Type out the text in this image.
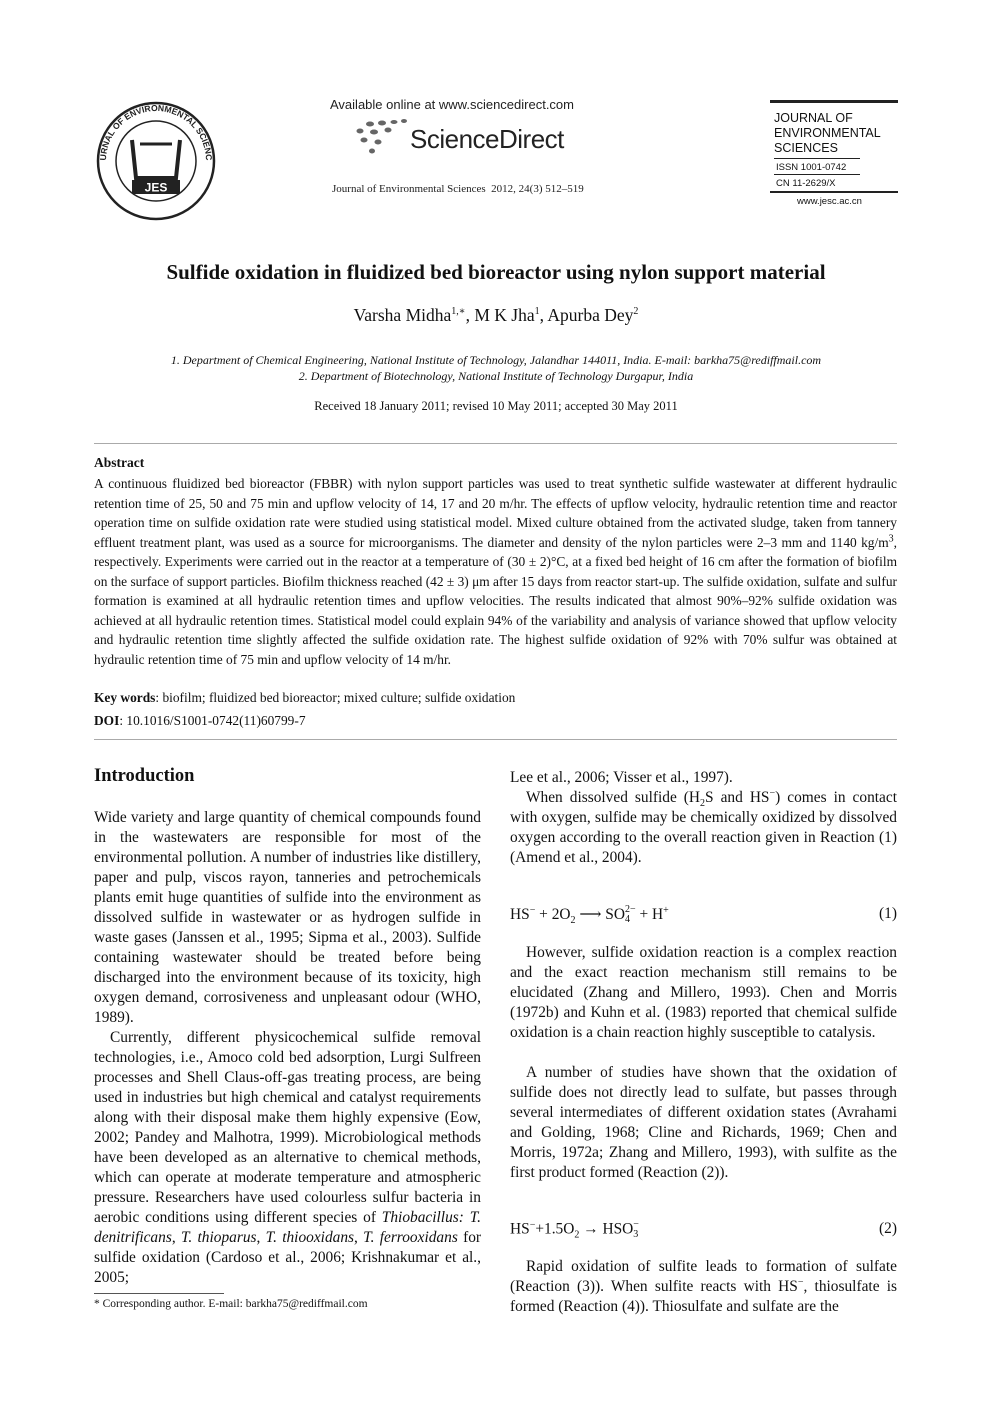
JES
URNAL OF ENVIRONMENTAL SCIENC
Available online at www.sciencedirect.com
ScienceDirect
Journal of Environmental Sciences  2012, 24(3) 512–519
JOURNAL OF
ENVIRONMENTAL
SCIENCES
ISSN 1001-0742
CN 11-2629/X
www.jesc.ac.cn
Sulfide oxidation in fluidized bed bioreactor using nylon support material
Varsha Midha$^{1,∗}$, M K Jha$^1$, Apurba Dey$^2$
1. Department of Chemical Engineering, National Institute of Technology, Jalandhar 144011, India. E-mail: barkha75@rediffmail.com
2. Department of Biotechnology, National Institute of Technology Durgapur, India
Received 18 January 2011; revised 10 May 2011; accepted 30 May 2011
Abstract

A continuous fluidized bed bioreactor (FBBR) with nylon support particles was used to treat synthetic sulfide wastewater at different hydraulic retention time of 25, 50 and 75 min and upflow velocity of 14, 17 and 20 m/hr. The effects of upflow velocity, hydraulic retention time and reactor operation time on sulfide oxidation rate were studied using statistical model. Mixed culture obtained from the activated sludge, taken from tannery effluent treatment plant, was used as a source for microorganisms. The diameter and density of the nylon particles were 2–3 mm and 1140 $kg/m^3$, respectively. Experiments were carried out in the reactor at a temperature of (30 ± 2)°C, at a fixed bed height of 16 cm after the formation of biofilm on the surface of support particles. Biofilm thickness reached (42 ± 3) μm after 15 days from reactor start-up. The sulfide oxidation, sulfate and sulfur formation is examined at all hydraulic retention times and upflow velocities. The results indicated that almost 90%–92% sulfide oxidation was achieved at all hydraulic retention times. Statistical model could explain 94% of the variability and analysis of variance showed that upflow velocity and hydraulic retention time slightly affected the sulfide oxidation rate. The highest sulfide oxidation of 92% with 70% sulfur was obtained at hydraulic retention time of 75 min and upflow velocity of 14 m/hr.

Key words: biofilm; fluidized bed bioreactor; mixed culture; sulfide oxidation
DOI: 10.1016/S1001-0742(11)60799-7
Introduction

Wide variety and large quantity of chemical compounds found in the wastewaters are responsible for most of the environmental pollution. A number of industries like distillery, paper and pulp, viscos rayon, tanneries and petrochemicals plants emit huge quantities of sulfide into the environment as dissolved sulfide in wastewater or as hydrogen sulfide in waste gases (Janssen et al., 1995; Sipma et al., 2003). Sulfide containing wastewater should be treated before being discharged into the environment because of its toxicity, high oxygen demand, corrosiveness and unpleasant odour (WHO, 1989).

Currently, different physicochemical sulfide removal technologies, i.e., Amoco cold bed adsorption, Lurgi Sulfreen processes and Shell Claus-off-gas treating process, are being used in industries but high chemical and catalyst requirements along with their disposal make them highly expensive (Eow, 2002; Pandey and Malhotra, 1999). Microbiological methods have been developed as an alternative to chemical methods, which can operate at moderate temperature and atmospheric pressure. Researchers have used colourless sulfur bacteria in aerobic conditions using different species of Thiobacillus: T. denitrificans, T. thioparus, T. thiooxidans, T. ferrooxidans for sulfide oxidation (Cardoso et al., 2006; Krishnakumar et al., 2005;

* Corresponding author. E-mail: barkha75@rediffmail.com

Lee et al., 2006; Visser et al., 1997).

When dissolved sulfide ($H_2S$ and HS−) comes in contact with oxygen, sulfide may be chemically oxidized by dissolved oxygen according to the overall reaction given in Reaction (1) (Amend et al., 2004).

$HS^- + 2O_2$ ⟶ SO 2−
4 + H+	(1)

However, sulfide oxidation reaction is a complex reaction and the exact reaction mechanism still remains to be elucidated (Zhang and Millero, 1993). Chen and Morris (1972b) and Kuhn et al. (1983) reported that chemical sulfide oxidation is a chain reaction highly susceptible to catalysis.

A number of studies have shown that the oxidation of sulfide does not directly lead to sulfate, but passes through several intermediates of different oxidation states (Avrahami and Golding, 1968; Cline and Richards, 1969; Chen and Morris, 1972a; Zhang and Millero, 1993), with sulfite as the first product formed (Reaction (2)).

$HS^-+1.5O_2$ → HSO −
3	(2)

Rapid oxidation of sulfite leads to formation of sulfate (Reaction (3)). When sulfite reacts with HS−, thiosulfate is formed (Reaction (4)). Thiosulfate and sulfate are the
